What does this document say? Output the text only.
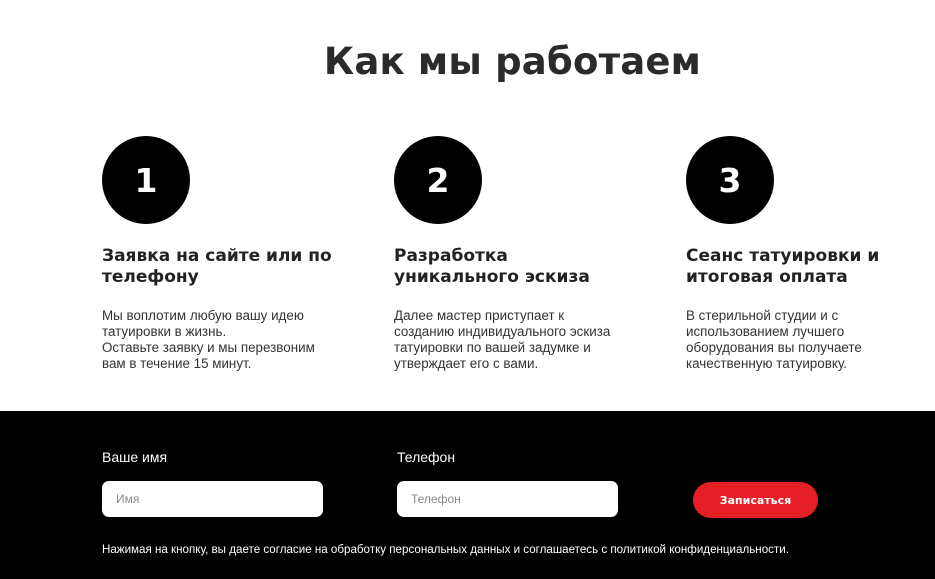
Как мы работаем
1
Заявка на сайте или по телефону
Мы воплотим любую вашу идею
татуировки в жизнь.
Оставьте заявку и мы перезвоним
вам в течение 15 минут.
2
Разработка уникального эскиза
Далее мастер приступает к
созданию индивидуального эскиза
татуировки по вашей задумке и
утверждает его с вами.
3
Сеанс татуировки и итоговая оплата
В стерильной студии и с
использованием лучшего
оборудования вы получаете
качественную татуировку.
Ваше имя
Имя	Телефон
Телефон
Записаться
Нажимая на кнопку, вы даете согласие на обработку персональных данных и соглашаетесь с политикой конфиденциальности.
